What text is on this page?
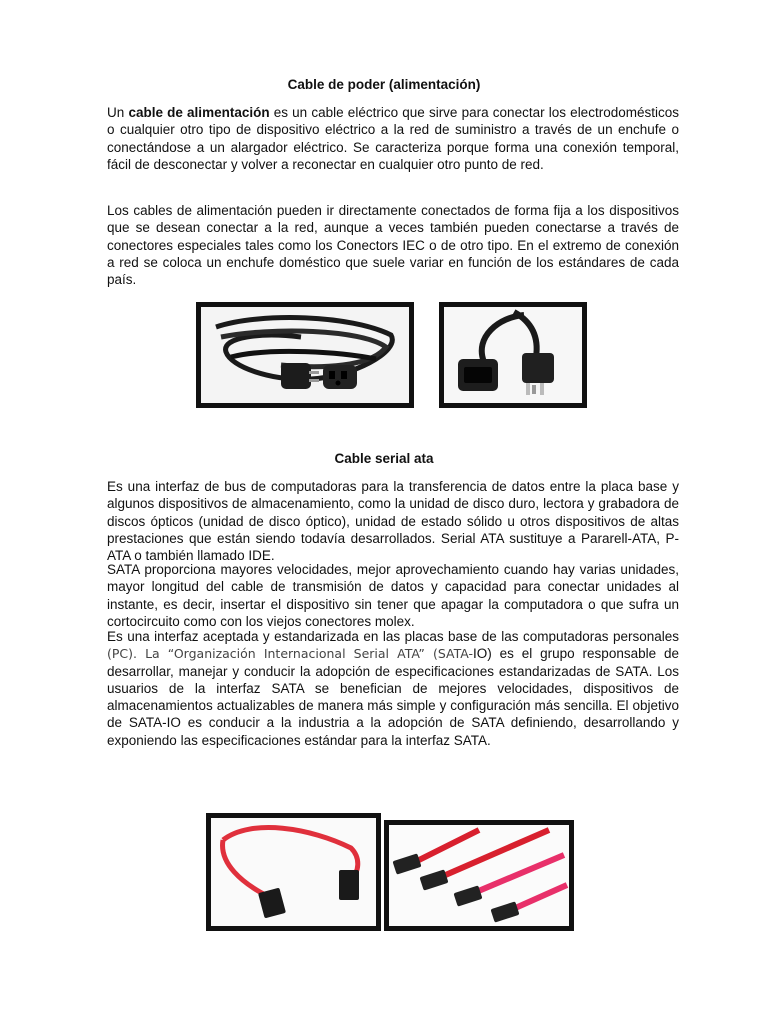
Cable de poder (alimentación)

Un cable de alimentación es un cable eléctrico que sirve para conectar los electrodomésticos o cualquier otro tipo de dispositivo eléctrico a la red de suministro a través de un enchufe o conectándose a un alargador eléctrico. Se caracteriza porque forma una conexión temporal, fácil de desconectar y volver a reconectar en cualquier otro punto de red.

Los cables de alimentación pueden ir directamente conectados de forma fija a los dispositivos que se desean conectar a la red, aunque a veces también pueden conectarse a través de conectores especiales tales como los Conectors IEC o de otro tipo. En el extremo de conexión a red se coloca un enchufe doméstico que suele variar en función de los estándares de cada país.

Cable serial ata

Es una interfaz de bus de computadoras para la transferencia de datos entre la placa base y algunos dispositivos de almacenamiento, como la unidad de disco duro, lectora y grabadora de discos ópticos (unidad de disco óptico), unidad de estado sólido u otros dispositivos de altas prestaciones que están siendo todavía desarrollados. Serial ATA sustituye a Pararell-ATA, P-ATA o también llamado IDE.

SATA proporciona mayores velocidades, mejor aprovechamiento cuando hay varias unidades, mayor longitud del cable de transmisión de datos y capacidad para conectar unidades al instante, es decir, insertar el dispositivo sin tener que apagar la computadora o que sufra un cortocircuito como con los viejos conectores molex.

Es una interfaz aceptada y estandarizada en las placas base de las computadoras personales (PC). La “Organización Internacional Serial ATA” (SATA-IO) es el grupo responsable de desarrollar, manejar y conducir la adopción de especificaciones estandarizadas de SATA. Los usuarios de la interfaz SATA se benefician de mejores velocidades, dispositivos de almacenamientos actualizables de manera más simple y configuración más sencilla. El objetivo de SATA-IO es conducir a la industria a la adopción de SATA definiendo, desarrollando y exponiendo las especificaciones estándar para la interfaz SATA.
